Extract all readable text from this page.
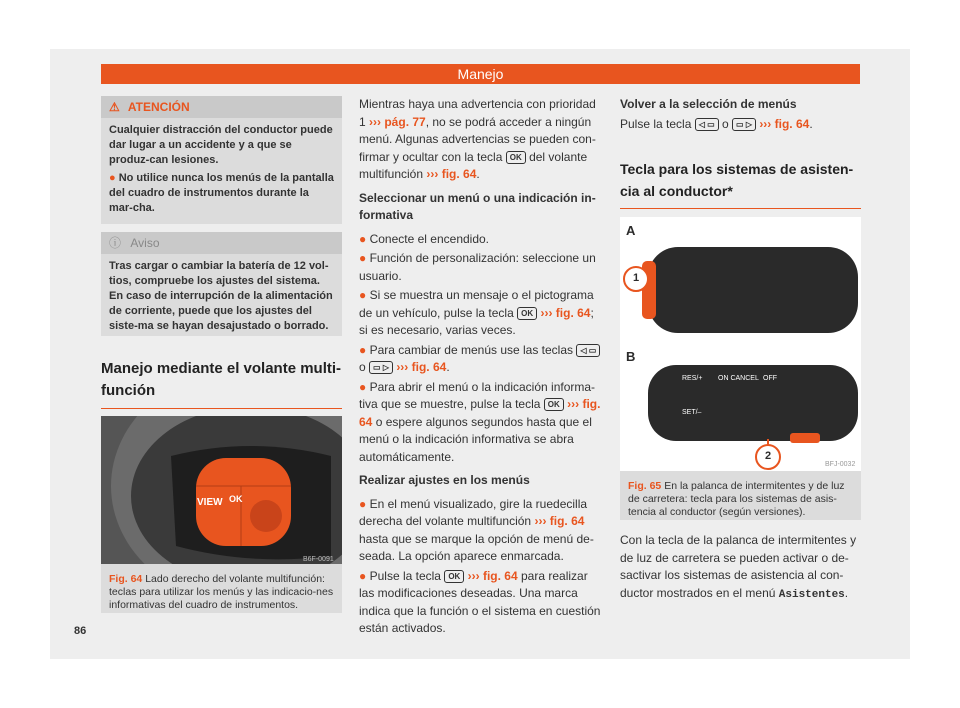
Manejo
⚠ ATENCIÓN

Cualquier distracción del conductor puede dar lugar a un accidente y a que se produz-can lesiones.

● No utilice nunca los menús de la pantalla del cuadro de instrumentos durante la mar-cha.

ⓘ Aviso
Tras cargar o cambiar la batería de 12 vol-tios, compruebe los ajustes del sistema. En caso de interrupción de la alimentación de corriente, puede que los ajustes del siste-ma se hayan desajustado o borrado.
Manejo mediante el volante multi-función
VIEW OK
B6F-0091
Fig. 64 Lado derecho del volante multifunción: teclas para utilizar los menús y las indicacio-nes informativas del cuadro de instrumentos.

Mientras haya una advertencia con prioridad 1 ››› pág. 77, no se podrá acceder a ningún menú. Algunas advertencias se pueden con-firmar y ocultar con la tecla OK del volante multifunción ››› fig. 64.

Seleccionar un menú o una indicación in-formativa

● Conecte el encendido.

● Función de personalización: seleccione un usuario.

● Si se muestra un mensaje o el pictograma de un vehículo, pulse la tecla OK ››› fig. 64; si es necesario, varias veces.

● Para cambiar de menús use las teclas ◁ ▭ o ▭ ▷ ››› fig. 64.

● Para abrir el menú o la indicación informa-tiva que se muestre, pulse la tecla OK ››› fig. 64 o espere algunos segundos hasta que el menú o la indicación informativa se abra automáticamente.

Realizar ajustes en los menús

● En el menú visualizado, gire la ruedecilla derecha del volante multifunción ››› fig. 64 hasta que se marque la opción de menú de-seada. La opción aparece enmarcada.

● Pulse la tecla OK ››› fig. 64 para realizar las modificaciones deseadas. Una marca indica que la función o el sistema en cuestión están activados.

Volver a la selección de menús

Pulse la tecla ◁ ▭ o ▭ ▷ ››› fig. 64.

Tecla para los sistemas de asisten-cia al conductor*
A
B
1
2
RES/+
SET/–
ON CANCEL OFF
BFJ-0032
Fig. 65 En la palanca de intermitentes y de luz de carretera: tecla para los sistemas de asis-tencia al conductor (según versiones).
Con la tecla de la palanca de intermitentes y de luz de carretera se pueden activar o de-sactivar los sistemas de asistencia al con-ductor mostrados en el menú Asistentes.
86
